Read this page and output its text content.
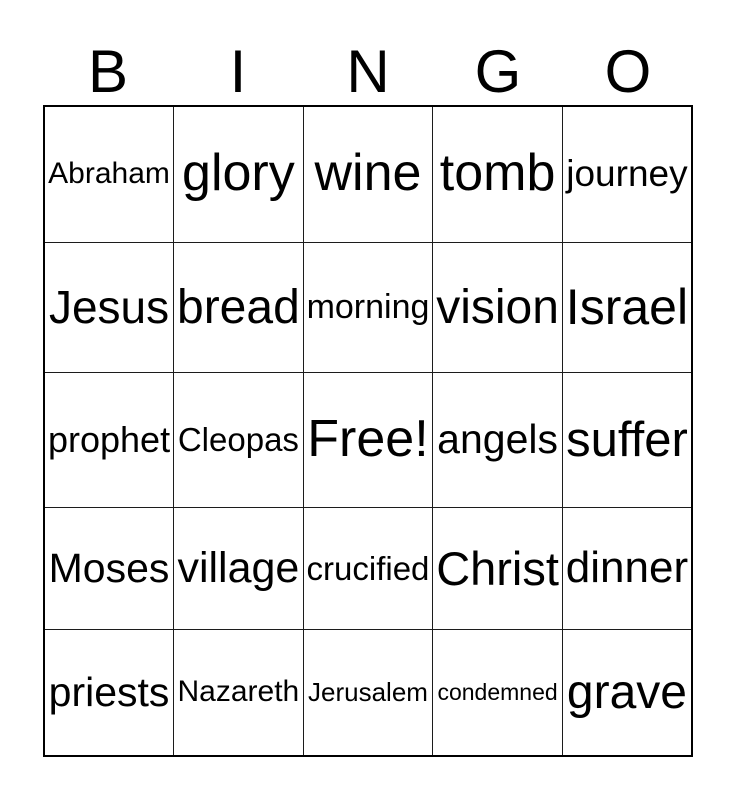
B	I	N	G	O
Abraham	glory	wine	tomb	journey
Jesus	bread	morning	vision	Israel
prophet	Cleopas	Free!	angels	suffer
Moses	village	crucified	Christ	dinner
priests	Nazareth	Jerusalem	condemned	grave
